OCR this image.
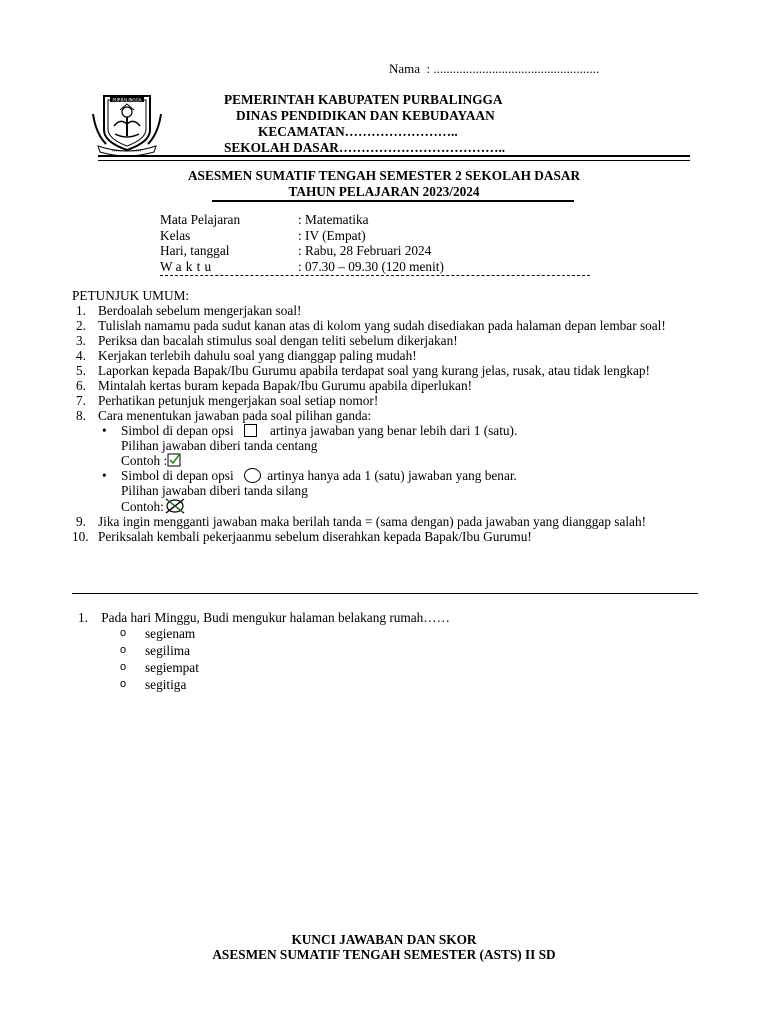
Nama : ...................................................
PURBALINGGA	PEMERINTAH KABUPATEN PURBALINGGA
DINAS PENDIDIKAN DAN KEBUDAYAAN
KECAMATAN……………………..
SEKOLAH DASAR………………………………..
ASESMEN SUMATIF TENGAH SEMESTER 2 SEKOLAH DASAR
TAHUN PELAJARAN 2023/2024
Mata Pelajaran	: Matematika
Kelas	: IV (Empat)
Hari, tanggal	: Rabu, 28 Februari 2024
Waktu	: 07.30 – 09.30 (120 menit)
PETUNJUK UMUM:
1. Berdoalah sebelum mengerjakan soal!
2. Tulislah namamu pada sudut kanan atas di kolom yang sudah disediakan pada halaman depan lembar soal!
3. Periksa dan bacalah stimulus soal dengan teliti sebelum dikerjakan!
4. Kerjakan terlebih dahulu soal yang dianggap paling mudah!
5. Laporkan kepada Bapak/Ibu Gurumu apabila terdapat soal yang kurang jelas, rusak, atau tidak lengkap!
6. Mintalah kertas buram kepada Bapak/Ibu Gurumu apabila diperlukan!
7. Perhatikan petunjuk mengerjakan soal setiap nomor!
8. Cara menentukan jawaban pada soal pilihan ganda:
• Simbol di depan opsi	artinya jawaban yang benar lebih dari 1 (satu).
Pilihan jawaban diberi tanda centang
Contoh :
• Simbol di depan opsi	artinya hanya ada 1 (satu) jawaban yang benar.
Pilihan jawaban diberi tanda silang
Contoh:
9. Jika ingin mengganti jawaban maka berilah tanda = (sama dengan) pada jawaban yang dianggap salah!
10. Periksalah kembali pekerjaanmu sebelum diserahkan kepada Bapak/Ibu Gurumu!
1. Pada hari Minggu, Budi mengukur halaman belakang rumah……
o	segienam
o	segilima
o	segiempat
o	segitiga
KUNCI JAWABAN DAN SKOR
ASESMEN SUMATIF TENGAH SEMESTER (ASTS) II SD
